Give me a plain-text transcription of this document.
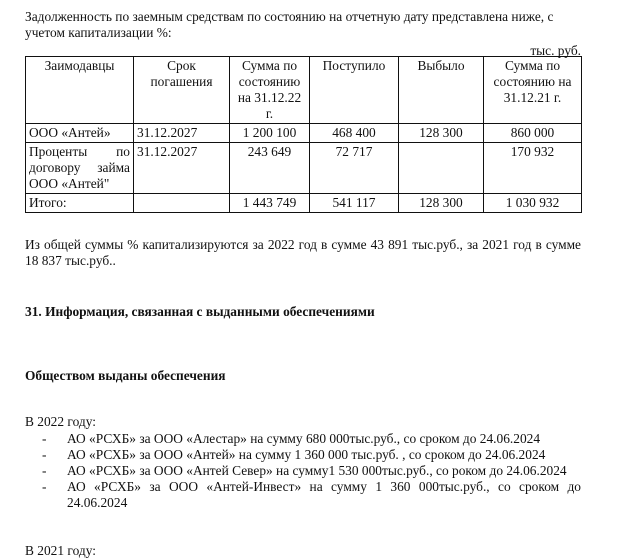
Задолженность по заемным средствам по состоянию на отчетную дату представлена ниже, с учетом капитализации %:
тыс. руб.
Заимодавцы	Срок погашения	Сумма по состоянию на 31.12.22 г.	Поступило	Выбыло	Сумма по состоянию на 31.12.21 г.
ООО «Антей»	31.12.2027	1 200 100	468 400	128 300	860 000

Проценты по
договору займа
ООО «Антей"	31.12.2027	243 649	72 717		170 932
Итого:		1 443 749	541 117	128 300	1 030 932
Из общей суммы % капитализируются за 2022 год в сумме 43 891 тыс.руб., за 2021 год в сумме 18 837 тыс.руб..
31. Информация, связанная с выданными обеспечениями
Обществом выданы обеспечения
В 2022 году:
- АО «РСХБ» за ООО «Алестар» на сумму 680 000тыс.руб., со сроком до 24.06.2024
- АО «РСХБ» за ООО «Антей» на сумму 1 360 000 тыс.руб. , со сроком до 24.06.2024
- АО «РСХБ» за ООО «Антей Север» на сумму1 530 000тыс.руб., со роком до 24.06.2024
- АО «РСХБ» за ООО «Антей-Инвест» на сумму 1 360 000тыс.руб., со сроком до 24.06.2024
В 2021 году:
